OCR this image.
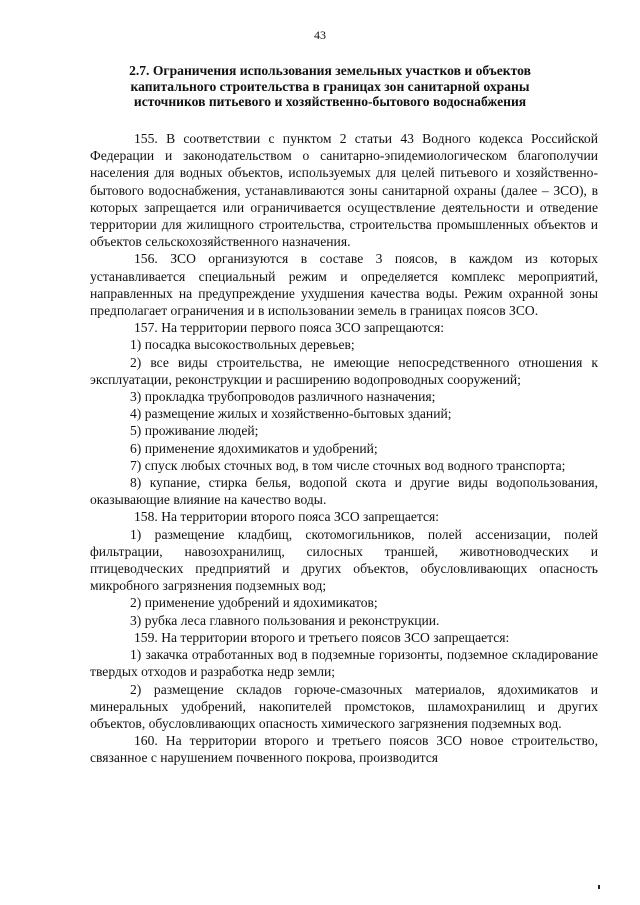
43
2.7. Ограничения использования земельных участков и объектов капитального строительства в границах зон санитарной охраны источников питьевого и хозяйственно-бытового водоснабжения

155. В соответствии с пунктом 2 статьи 43 Водного кодекса Российской Федерации и законодательством о санитарно-эпидемиологическом благополучии населения для водных объектов, используемых для целей питьевого и хозяйственно-бытового водоснабжения, устанавливаются зоны санитарной охраны (далее – ЗСО), в которых запрещается или ограничивается осуществление деятельности и отведение территории для жилищного строительства, строительства промышленных объектов и объектов сельскохозяйственного назначения.

156. ЗСО организуются в составе 3 поясов, в каждом из которых устанавливается специальный режим и определяется комплекс мероприятий, направленных на предупреждение ухудшения качества воды. Режим охранной зоны предполагает ограничения и в использовании земель в границах поясов ЗСО.

157. На территории первого пояса ЗСО запрещаются:

1) посадка высокоствольных деревьев;

2) все виды строительства, не имеющие непосредственного отношения к эксплуатации, реконструкции и расширению водопроводных сооружений;

3) прокладка трубопроводов различного назначения;

4) размещение жилых и хозяйственно-бытовых зданий;

5) проживание людей;

6) применение ядохимикатов и удобрений;

7) спуск любых сточных вод, в том числе сточных вод водного транспорта;

8) купание, стирка белья, водопой скота и другие виды водопользования, оказывающие влияние на качество воды.

158. На территории второго пояса ЗСО запрещается:

1) размещение кладбищ, скотомогильников, полей ассенизации, полей фильтрации, навозохранилищ, силосных траншей, животноводческих и птицеводческих предприятий и других объектов, обусловливающих опасность микробного загрязнения подземных вод;

2) применение удобрений и ядохимикатов;

3) рубка леса главного пользования и реконструкции.

159. На территории второго и третьего поясов ЗСО запрещается:

1) закачка отработанных вод в подземные горизонты, подземное складирование твердых отходов и разработка недр земли;

2) размещение складов горюче-смазочных материалов, ядохимикатов и минеральных удобрений, накопителей промстоков, шламохранилищ и других объектов, обусловливающих опасность химического загрязнения подземных вод.

160. На территории второго и третьего поясов ЗСО новое строительство, связанное с нарушением почвенного покрова, производится
